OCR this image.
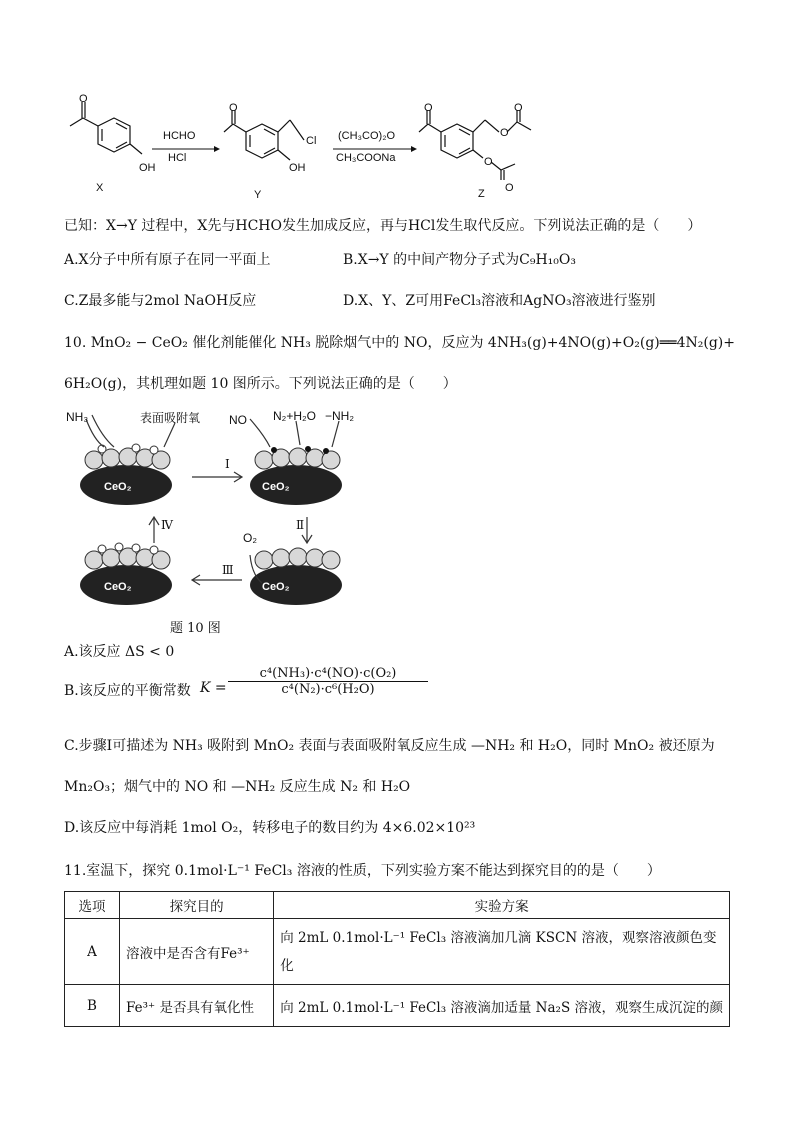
O
OH
X
HCHO
HCl
O
Cl
OH
Y
(CH₃CO)₂O
CH₃COONa
O
O
O
O
O
Z
已知：X→Y 过程中，X先与HCHO发生加成反应，再与HCl发生取代反应。下列说法正确的是（　　）
A.X分子中所有原子在同一平面上	B.X→Y 的中间产物分子式为C₉H₁₀O₃
C.Z最多能与2mol NaOH反应	D.X、Y、Z可用FeCl₃溶液和AgNO₃溶液进行鉴别
10. MnO₂ − CeO₂ 催化剂能催化 NH₃ 脱除烟气中的 NO，反应为 4NH₃(g)+4NO(g)+O₂(g)══4N₂(g)+
6H₂O(g)，其机理如题 10 图所示。下列说法正确的是（　　）
NH₃	表面吸附氧 NO N₂+H₂O −NH₂
O₂
CeO₂	CeO₂
CeO₂
CeO₂
Ⅰ
Ⅱ
Ⅲ
Ⅳ
题 10 图
A.该反应 ΔS < 0
B.该反应的平衡常数 $K = \frac{\text{c⁴(NH₃)·c⁴(NO)·c(O₂)}}{\text{c⁴(N₂)·c⁶(H₂O)}}$
C.步骤Ⅰ可描述为 NH₃ 吸附到 MnO₂ 表面与表面吸附氧反应生成 —NH₂ 和 H₂O，同时 MnO₂ 被还原为
Mn₂O₃；烟气中的 NO 和 —NH₂ 反应生成 N₂ 和 H₂O
D.该反应中每消耗 1mol O₂，转移电子的数目约为 4×6.02×10²³
11.室温下，探究 0.1mol·L⁻¹ FeCl₃ 溶液的性质，下列实验方案不能达到探究目的的是（　　）
选项	探究目的	实验方案
A	溶液中是否含有Fe³⁺	向 2mL 0.1mol·L⁻¹ FeCl₃ 溶液滴加几滴 KSCN 溶液，观察溶液颜色变
化

B	Fe³⁺ 是否具有氧化性	向 2mL 0.1mol·L⁻¹ FeCl₃ 溶液滴加适量 Na₂S 溶液，观察生成沉淀的颜
